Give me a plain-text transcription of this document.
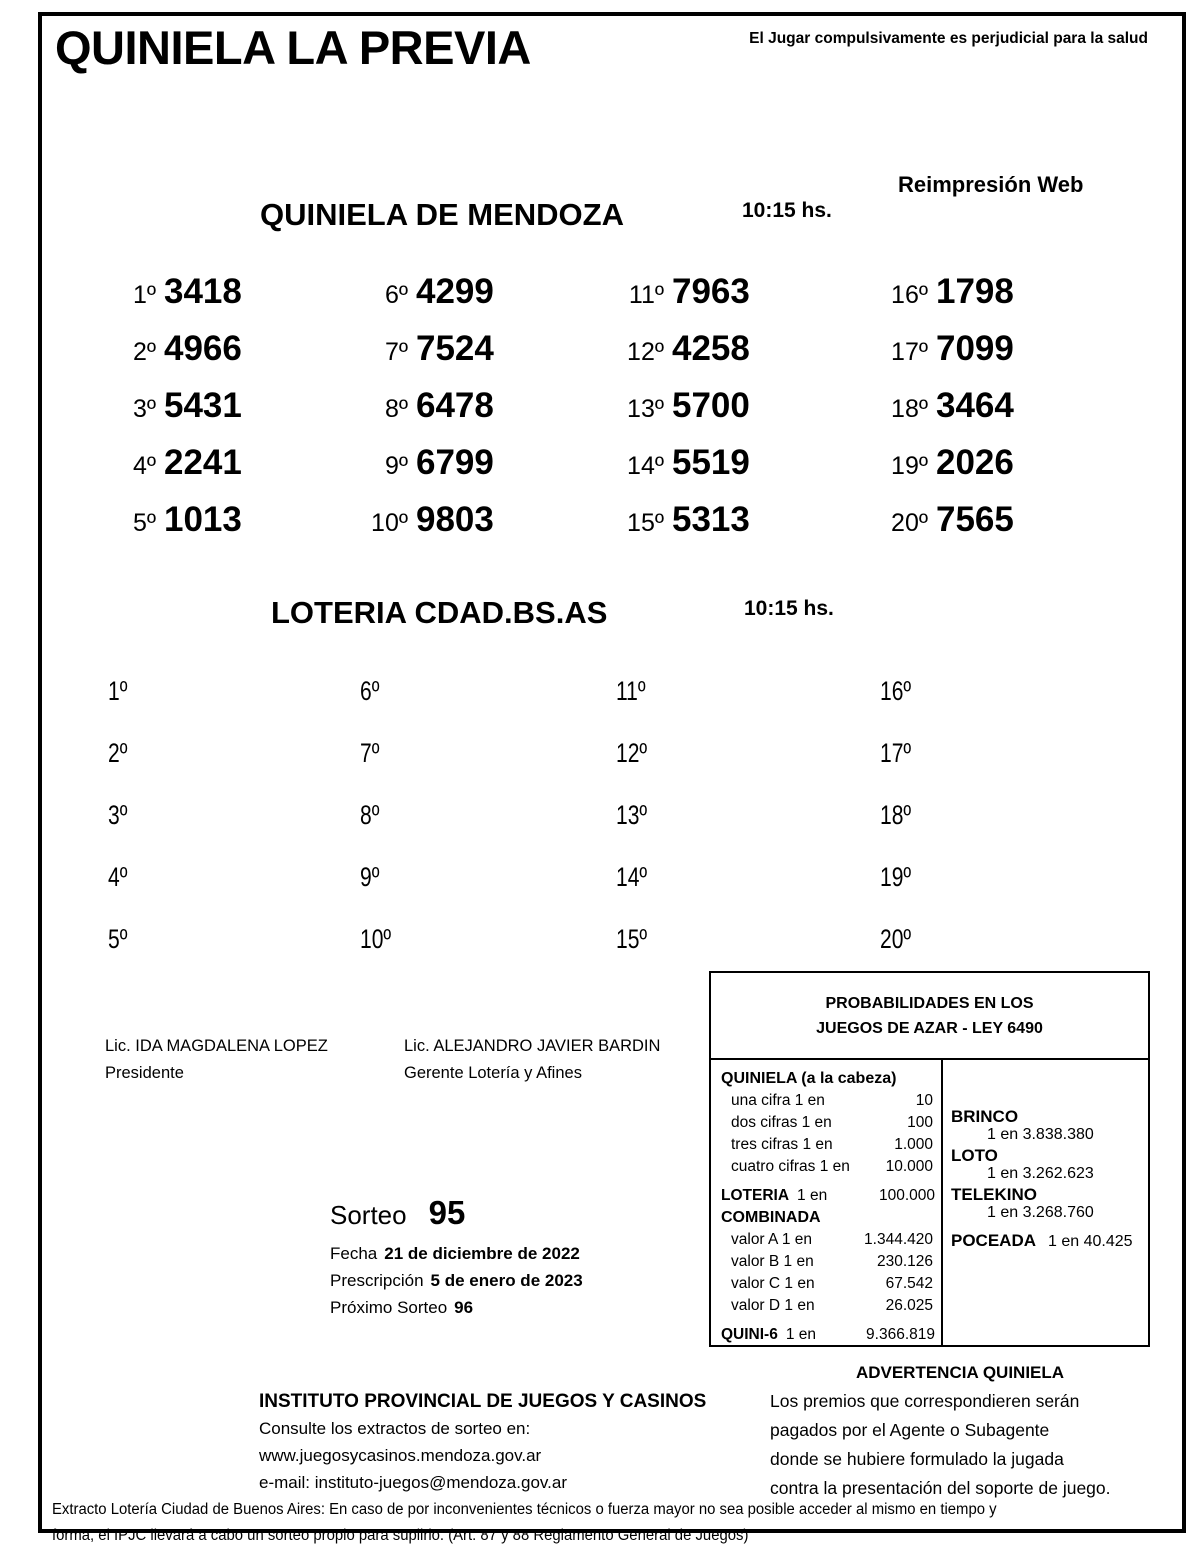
QUINIELA LA PREVIA	El Jugar compulsivamente es perjudicial para la salud
Reimpresión Web
QUINIELA DE MENDOZA	10:15 hs.
1º 3418
2º 4966
3º 5431
4º 2241
5º 1013
6º 4299
7º 7524
8º 6478
9º 6799
10º 9803
11º 7963
12º 4258
13º 5700
14º 5519
15º 5313
16º 1798
17º 7099
18º 3464
19º 2026
20º 7565
LOTERIA CDAD.BS.AS	10:15 hs.
1º
2º
3º
4º
5º
6º
7º
8º
9º
10º
11º
12º
13º
14º
15º
16º
17º
18º
19º
20º
Lic. IDA MAGDALENA LOPEZ
Presidente
Lic. ALEJANDRO JAVIER BARDIN
Gerente Lotería y Afines
Sorteo 95
Fecha 21 de diciembre de 2022
Prescripción 5 de enero de 2023
Próximo Sorteo 96
PROBABILIDADES EN LOS
JUEGOS DE AZAR - LEY 6490
QUINIELA (a la cabeza)
una cifra 1 en	10
dos cifras 1 en	100
tres cifras 1 en	1.000
cuatro cifras 1 en 10.000
LOTERIA 1 en	100.000
COMBINADA
valor A 1 en	1.344.420
valor B 1 en	230.126
valor C 1 en	67.542
valor D 1 en	26.025
QUINI-6 1 en	9.366.819
BRINCO
1 en 3.838.380
LOTO
1 en 3.262.623
TELEKINO
1 en 3.268.760
POCEADA 1 en 40.425
INSTITUTO PROVINCIAL DE JUEGOS Y CASINOS
Consulte los extractos de sorteo en:
www.juegosycasinos.mendoza.gov.ar
e-mail: instituto-juegos@mendoza.gov.ar
ADVERTENCIA QUINIELA
Los premios que correspondieren serán
pagados por el Agente o Subagente
donde se hubiere formulado la jugada
contra la presentación del soporte de juego.
Extracto Lotería Ciudad de Buenos Aires: En caso de por inconvenientes técnicos o fuerza mayor no sea posible acceder al mismo en tiempo y
forma, el IPJC llevará a cabo un sorteo propio para suplirlo. (Art. 87 y 88 Reglamento General de Juegos)
